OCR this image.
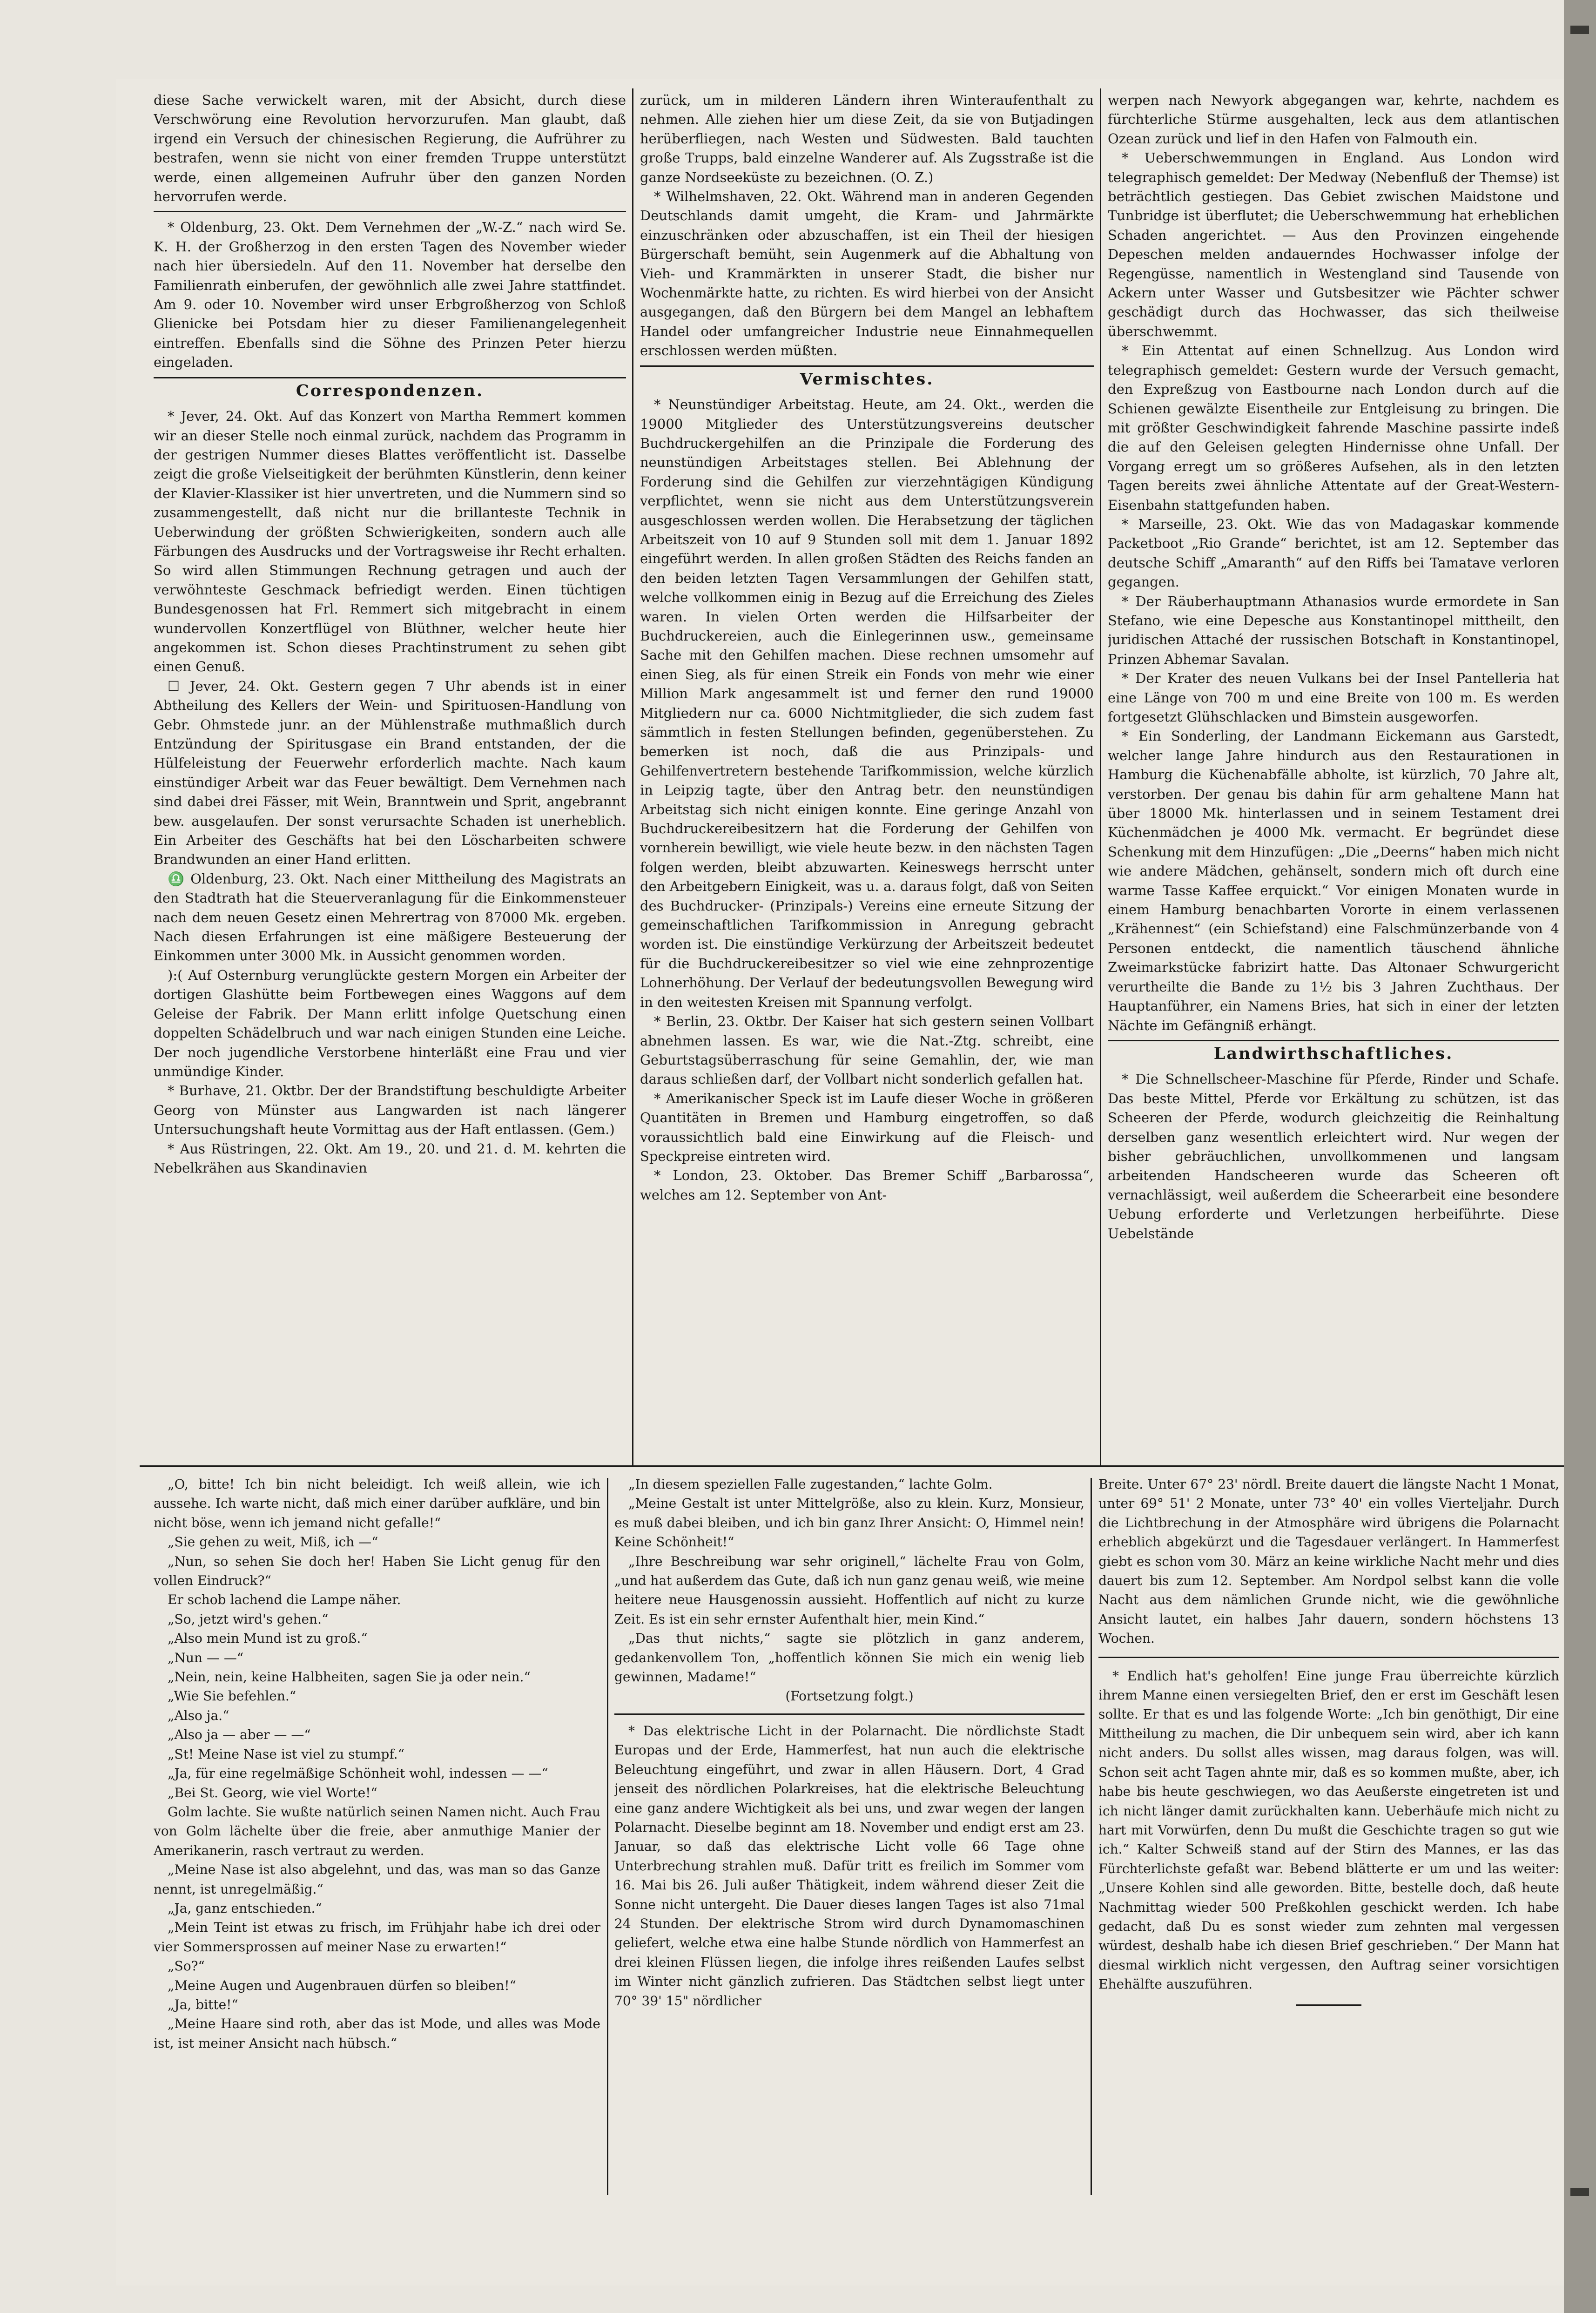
diese Sache verwickelt waren, mit der Absicht, durch diese Verschwörung eine Revolution hervorzurufen. Man glaubt, daß irgend ein Versuch der chinesischen Regierung, die Aufrührer zu bestrafen, wenn sie nicht von einer fremden Truppe unterstützt werde, einen allgemeinen Aufruhr über den ganzen Norden hervorrufen werde.

* Oldenburg, 23. Okt. Dem Vernehmen der „W.-Z.“ nach wird Se. K. H. der Großherzog in den ersten Tagen des November wieder nach hier übersiedeln. Auf den 11. November hat derselbe den Familienrath einberufen, der gewöhnlich alle zwei Jahre stattfindet. Am 9. oder 10. November wird unser Erbgroßherzog von Schloß Glienicke bei Potsdam hier zu dieser Familienangelegenheit eintreffen. Ebenfalls sind die Söhne des Prinzen Peter hierzu eingeladen.

Correspondenzen.

* Jever, 24. Okt. Auf das Konzert von Martha Remmert kommen wir an dieser Stelle noch einmal zurück, nachdem das Programm in der gestrigen Nummer dieses Blattes veröffentlicht ist. Dasselbe zeigt die große Vielseitigkeit der berühmten Künstlerin, denn keiner der Klavier-Klassiker ist hier unvertreten, und die Nummern sind so zusammengestellt, daß nicht nur die brillanteste Technik in Ueberwindung der größten Schwierigkeiten, sondern auch alle Färbungen des Ausdrucks und der Vortragsweise ihr Recht erhalten. So wird allen Stimmungen Rechnung getragen und auch der verwöhnteste Geschmack befriedigt werden. Einen tüchtigen Bundesgenossen hat Frl. Remmert sich mitgebracht in einem wundervollen Konzertflügel von Blüthner, welcher heute hier angekommen ist. Schon dieses Prachtinstrument zu sehen gibt einen Genuß.

☐ Jever, 24. Okt. Gestern gegen 7 Uhr abends ist in einer Abtheilung des Kellers der Wein- und Spirituosen-Handlung von Gebr. Ohmstede junr. an der Mühlenstraße muthmaßlich durch Entzündung der Spiritusgase ein Brand entstanden, der die Hülfeleistung der Feuerwehr erforderlich machte. Nach kaum einstündiger Arbeit war das Feuer bewältigt. Dem Vernehmen nach sind dabei drei Fässer, mit Wein, Branntwein und Sprit, angebrannt bew. ausgelaufen. Der sonst verursachte Schaden ist unerheblich. Ein Arbeiter des Geschäfts hat bei den Löscharbeiten schwere Brandwunden an einer Hand erlitten.

♎ Oldenburg, 23. Okt. Nach einer Mittheilung des Magistrats an den Stadtrath hat die Steuerveranlagung für die Einkommensteuer nach dem neuen Gesetz einen Mehrertrag von 87000 Mk. ergeben. Nach diesen Erfahrungen ist eine mäßigere Besteuerung der Einkommen unter 3000 Mk. in Aussicht genommen worden.

):( Auf Osternburg verunglückte gestern Morgen ein Arbeiter der dortigen Glashütte beim Fortbewegen eines Waggons auf dem Geleise der Fabrik. Der Mann erlitt infolge Quetschung einen doppelten Schädelbruch und war nach einigen Stunden eine Leiche. Der noch jugendliche Verstorbene hinterläßt eine Frau und vier unmündige Kinder.

* Burhave, 21. Oktbr. Der der Brandstiftung beschuldigte Arbeiter Georg von Münster aus Langwarden ist nach längerer Untersuchungshaft heute Vormittag aus der Haft entlassen. (Gem.)

* Aus Rüstringen, 22. Okt. Am 19., 20. und 21. d. M. kehrten die Nebelkrähen aus Skandinavien

zurück, um in milderen Ländern ihren Winteraufenthalt zu nehmen. Alle ziehen hier um diese Zeit, da sie von Butjadingen herüberfliegen, nach Westen und Südwesten. Bald tauchten große Trupps, bald einzelne Wanderer auf. Als Zugsstraße ist die ganze Nordseeküste zu bezeichnen. (O. Z.)

* Wilhelmshaven, 22. Okt. Während man in anderen Gegenden Deutschlands damit umgeht, die Kram- und Jahrmärkte einzuschränken oder abzuschaffen, ist ein Theil der hiesigen Bürgerschaft bemüht, sein Augenmerk auf die Abhaltung von Vieh- und Krammärkten in unserer Stadt, die bisher nur Wochenmärkte hatte, zu richten. Es wird hierbei von der Ansicht ausgegangen, daß den Bürgern bei dem Mangel an lebhaftem Handel oder umfangreicher Industrie neue Einnahmequellen erschlossen werden müßten.

Vermischtes.

* Neunstündiger Arbeitstag. Heute, am 24. Okt., werden die 19000 Mitglieder des Unterstützungsvereins deutscher Buchdruckergehilfen an die Prinzipale die Forderung des neunstündigen Arbeitstages stellen. Bei Ablehnung der Forderung sind die Gehilfen zur vierzehntägigen Kündigung verpflichtet, wenn sie nicht aus dem Unterstützungsverein ausgeschlossen werden wollen. Die Herabsetzung der täglichen Arbeitszeit von 10 auf 9 Stunden soll mit dem 1. Januar 1892 eingeführt werden. In allen großen Städten des Reichs fanden an den beiden letzten Tagen Versammlungen der Gehilfen statt, welche vollkommen einig in Bezug auf die Erreichung des Zieles waren. In vielen Orten werden die Hilfsarbeiter der Buchdruckereien, auch die Einlegerinnen usw., gemeinsame Sache mit den Gehilfen machen. Diese rechnen umsomehr auf einen Sieg, als für einen Streik ein Fonds von mehr wie einer Million Mark angesammelt ist und ferner den rund 19000 Mitgliedern nur ca. 6000 Nichtmitglieder, die sich zudem fast sämmtlich in festen Stellungen befinden, gegenüberstehen. Zu bemerken ist noch, daß die aus Prinzipals- und Gehilfenvertretern bestehende Tarifkommission, welche kürzlich in Leipzig tagte, über den Antrag betr. den neunstündigen Arbeitstag sich nicht einigen konnte. Eine geringe Anzahl von Buchdruckereibesitzern hat die Forderung der Gehilfen von vornherein bewilligt, wie viele heute bezw. in den nächsten Tagen folgen werden, bleibt abzuwarten. Keineswegs herrscht unter den Arbeitgebern Einigkeit, was u. a. daraus folgt, daß von Seiten des Buchdrucker- (Prinzipals-) Vereins eine erneute Sitzung der gemeinschaftlichen Tarifkommission in Anregung gebracht worden ist. Die einstündige Verkürzung der Arbeitszeit bedeutet für die Buchdruckereibesitzer so viel wie eine zehnprozentige Lohnerhöhung. Der Verlauf der bedeutungsvollen Bewegung wird in den weitesten Kreisen mit Spannung verfolgt.

* Berlin, 23. Oktbr. Der Kaiser hat sich gestern seinen Vollbart abnehmen lassen. Es war, wie die Nat.-Ztg. schreibt, eine Geburtstagsüberraschung für seine Gemahlin, der, wie man daraus schließen darf, der Vollbart nicht sonderlich gefallen hat.

* Amerikanischer Speck ist im Laufe dieser Woche in größeren Quantitäten in Bremen und Hamburg eingetroffen, so daß voraussichtlich bald eine Einwirkung auf die Fleisch- und Speckpreise eintreten wird.

* London, 23. Oktober. Das Bremer Schiff „Barbarossa“, welches am 12. September von Ant-

werpen nach Newyork abgegangen war, kehrte, nachdem es fürchterliche Stürme ausgehalten, leck aus dem atlantischen Ozean zurück und lief in den Hafen von Falmouth ein.

* Ueberschwemmungen in England. Aus London wird telegraphisch gemeldet: Der Medway (Nebenfluß der Themse) ist beträchtlich gestiegen. Das Gebiet zwischen Maidstone und Tunbridge ist überflutet; die Ueberschwemmung hat erheblichen Schaden angerichtet. — Aus den Provinzen eingehende Depeschen melden andauerndes Hochwasser infolge der Regengüsse, namentlich in Westengland sind Tausende von Ackern unter Wasser und Gutsbesitzer wie Pächter schwer geschädigt durch das Hochwasser, das sich theilweise überschwemmt.

* Ein Attentat auf einen Schnellzug. Aus London wird telegraphisch gemeldet: Gestern wurde der Versuch gemacht, den Expreßzug von Eastbourne nach London durch auf die Schienen gewälzte Eisentheile zur Entgleisung zu bringen. Die mit größter Geschwindigkeit fahrende Maschine passirte indeß die auf den Geleisen gelegten Hindernisse ohne Unfall. Der Vorgang erregt um so größeres Aufsehen, als in den letzten Tagen bereits zwei ähnliche Attentate auf der Great-Western-Eisenbahn stattgefunden haben.

* Marseille, 23. Okt. Wie das von Madagaskar kommende Packetboot „Rio Grande“ berichtet, ist am 12. September das deutsche Schiff „Amaranth“ auf den Riffs bei Tamatave verloren gegangen.

* Der Räuberhauptmann Athanasios wurde ermordete in San Stefano, wie eine Depesche aus Konstantinopel mittheilt, den juridischen Attaché der russischen Botschaft in Konstantinopel, Prinzen Abhemar Savalan.

* Der Krater des neuen Vulkans bei der Insel Pantelleria hat eine Länge von 700 m und eine Breite von 100 m. Es werden fortgesetzt Glühschlacken und Bimstein ausgeworfen.

* Ein Sonderling, der Landmann Eickemann aus Garstedt, welcher lange Jahre hindurch aus den Restaurationen in Hamburg die Küchenabfälle abholte, ist kürzlich, 70 Jahre alt, verstorben. Der genau bis dahin für arm gehaltene Mann hat über 18000 Mk. hinterlassen und in seinem Testament drei Küchenmädchen je 4000 Mk. vermacht. Er begründet diese Schenkung mit dem Hinzufügen: „Die „Deerns“ haben mich nicht wie andere Mädchen, gehänselt, sondern mich oft durch eine warme Tasse Kaffee erquickt.“ Vor einigen Monaten wurde in einem Hamburg benachbarten Vororte in einem verlassenen „Krähennest“ (ein Schiefstand) eine Falschmünzerbande von 4 Personen entdeckt, die namentlich täuschend ähnliche Zweimarkstücke fabrizirt hatte. Das Altonaer Schwurgericht verurtheilte die Bande zu 1½ bis 3 Jahren Zuchthaus. Der Hauptanführer, ein Namens Bries, hat sich in einer der letzten Nächte im Gefängniß erhängt.

Landwirthschaftliches.

* Die Schnellscheer-Maschine für Pferde, Rinder und Schafe. Das beste Mittel, Pferde vor Erkältung zu schützen, ist das Scheeren der Pferde, wodurch gleichzeitig die Reinhaltung derselben ganz wesentlich erleichtert wird. Nur wegen der bisher gebräuchlichen, unvollkommenen und langsam arbeitenden Handscheeren wurde das Scheeren oft vernachlässigt, weil außerdem die Scheerarbeit eine besondere Uebung erforderte und Verletzungen herbeiführte. Diese Uebelstände

„O, bitte! Ich bin nicht beleidigt. Ich weiß allein, wie ich aussehe. Ich warte nicht, daß mich einer darüber aufkläre, und bin nicht böse, wenn ich jemand nicht gefalle!“

„Sie gehen zu weit, Miß, ich —“

„Nun, so sehen Sie doch her! Haben Sie Licht genug für den vollen Eindruck?“

Er schob lachend die Lampe näher.

„So, jetzt wird's gehen.“

„Also mein Mund ist zu groß.“

„Nun — —“

„Nein, nein, keine Halbheiten, sagen Sie ja oder nein.“

„Wie Sie befehlen.“

„Also ja.“

„Also ja — aber — —“

„St! Meine Nase ist viel zu stumpf.“

„Ja, für eine regelmäßige Schönheit wohl, indessen — —“

„Bei St. Georg, wie viel Worte!“

Golm lachte. Sie wußte natürlich seinen Namen nicht. Auch Frau von Golm lächelte über die freie, aber anmuthige Manier der Amerikanerin, rasch vertraut zu werden.

„Meine Nase ist also abgelehnt, und das, was man so das Ganze nennt, ist unregelmäßig.“

„Ja, ganz entschieden.“

„Mein Teint ist etwas zu frisch, im Frühjahr habe ich drei oder vier Sommersprossen auf meiner Nase zu erwarten!“

„So?“

„Meine Augen und Augenbrauen dürfen so bleiben!“

„Ja, bitte!“

„Meine Haare sind roth, aber das ist Mode, und alles was Mode ist, ist meiner Ansicht nach hübsch.“

„In diesem speziellen Falle zugestanden,“ lachte Golm.

„Meine Gestalt ist unter Mittelgröße, also zu klein. Kurz, Monsieur, es muß dabei bleiben, und ich bin ganz Ihrer Ansicht: O, Himmel nein! Keine Schönheit!“

„Ihre Beschreibung war sehr originell,“ lächelte Frau von Golm, „und hat außerdem das Gute, daß ich nun ganz genau weiß, wie meine heitere neue Hausgenossin aussieht. Hoffentlich auf nicht zu kurze Zeit. Es ist ein sehr ernster Aufenthalt hier, mein Kind.“

„Das thut nichts,“ sagte sie plötzlich in ganz anderem, gedankenvollem Ton, „hoffentlich können Sie mich ein wenig lieb gewinnen, Madame!“

(Fortsetzung folgt.)

* Das elektrische Licht in der Polarnacht. Die nördlichste Stadt Europas und der Erde, Hammerfest, hat nun auch die elektrische Beleuchtung eingeführt, und zwar in allen Häusern. Dort, 4 Grad jenseit des nördlichen Polarkreises, hat die elektrische Beleuchtung eine ganz andere Wichtigkeit als bei uns, und zwar wegen der langen Polarnacht. Dieselbe beginnt am 18. November und endigt erst am 23. Januar, so daß das elektrische Licht volle 66 Tage ohne Unterbrechung strahlen muß. Dafür tritt es freilich im Sommer vom 16. Mai bis 26. Juli außer Thätigkeit, indem während dieser Zeit die Sonne nicht untergeht. Die Dauer dieses langen Tages ist also 71mal 24 Stunden. Der elektrische Strom wird durch Dynamomaschinen geliefert, welche etwa eine halbe Stunde nördlich von Hammerfest an drei kleinen Flüssen liegen, die infolge ihres reißenden Laufes selbst im Winter nicht gänzlich zufrieren. Das Städtchen selbst liegt unter 70° 39' 15" nördlicher

Breite. Unter 67° 23' nördl. Breite dauert die längste Nacht 1 Monat, unter 69° 51' 2 Monate, unter 73° 40' ein volles Vierteljahr. Durch die Lichtbrechung in der Atmosphäre wird übrigens die Polarnacht erheblich abgekürzt und die Tagesdauer verlängert. In Hammerfest giebt es schon vom 30. März an keine wirkliche Nacht mehr und dies dauert bis zum 12. September. Am Nordpol selbst kann die volle Nacht aus dem nämlichen Grunde nicht, wie die gewöhnliche Ansicht lautet, ein halbes Jahr dauern, sondern höchstens 13 Wochen.

* Endlich hat's geholfen! Eine junge Frau überreichte kürzlich ihrem Manne einen versiegelten Brief, den er erst im Geschäft lesen sollte. Er that es und las folgende Worte: „Ich bin genöthigt, Dir eine Mittheilung zu machen, die Dir unbequem sein wird, aber ich kann nicht anders. Du sollst alles wissen, mag daraus folgen, was will. Schon seit acht Tagen ahnte mir, daß es so kommen mußte, aber, ich habe bis heute geschwiegen, wo das Aeußerste eingetreten ist und ich nicht länger damit zurückhalten kann. Ueberhäufe mich nicht zu hart mit Vorwürfen, denn Du mußt die Geschichte tragen so gut wie ich.“ Kalter Schweiß stand auf der Stirn des Mannes, er las das Fürchterlichste gefaßt war. Bebend blätterte er um und las weiter: „Unsere Kohlen sind alle geworden. Bitte, bestelle doch, daß heute Nachmittag wieder 500 Preßkohlen geschickt werden. Ich habe gedacht, daß Du es sonst wieder zum zehnten mal vergessen würdest, deshalb habe ich diesen Brief geschrieben.“ Der Mann hat diesmal wirklich nicht vergessen, den Auftrag seiner vorsichtigen Ehehälfte auszuführen.
